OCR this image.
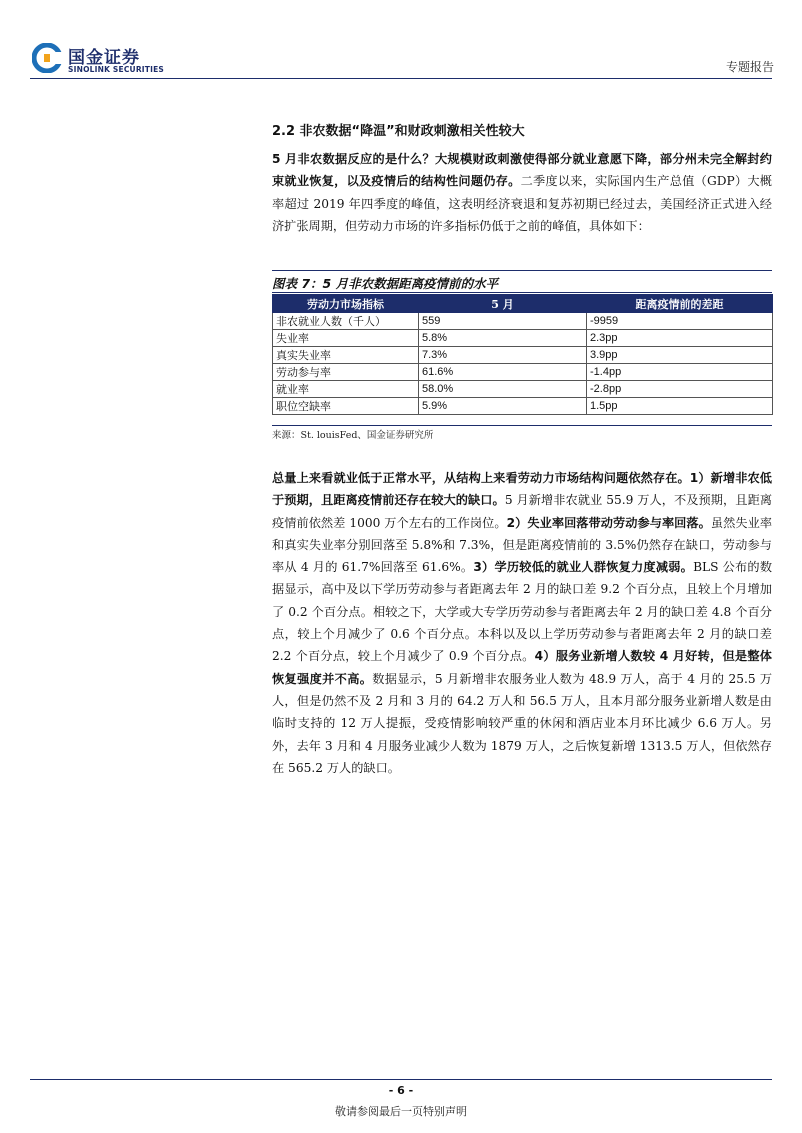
国金证券
SINOLINK SECURITIES	专题报告
2.2 非农数据“降温”和财政刺激相关性较大

5 月非农数据反应的是什么？大规模财政刺激使得部分就业意愿下降，部分州未完全解封约束就业恢复，以及疫情后的结构性问题仍存。二季度以来，实际国内生产总值（GDP）大概率超过 2019 年四季度的峰值，这表明经济衰退和复苏初期已经过去，美国经济正式进入经济扩张周期，但劳动力市场的许多指标仍低于之前的峰值，具体如下：

图表 7：5 月非农数据距离疫情前的水平
劳动力市场指标	5 月	距离疫情前的差距
非农就业人数（千人）	559	-9959
失业率	5.8%	2.3pp
真实失业率	7.3%	3.9pp
劳动参与率	61.6%	-1.4pp
就业率	58.0%	-2.8pp
职位空缺率	5.9%	1.5pp
来源：St. louisFed、国金证券研究所

总量上来看就业低于正常水平，从结构上来看劳动力市场结构问题依然存在。1）新增非农低于预期，且距离疫情前还存在较大的缺口。5 月新增非农就业 55.9 万人，不及预期，且距离疫情前依然差 1000 万个左右的工作岗位。2）失业率回落带动劳动参与率回落。虽然失业率和真实失业率分别回落至 5.8%和 7.3%，但是距离疫情前的 3.5%仍然存在缺口，劳动参与率从 4 月的 61.7%回落至 61.6%。3）学历较低的就业人群恢复力度减弱。BLS 公布的数据显示，高中及以下学历劳动参与者距离去年 2 月的缺口差 9.2 个百分点，且较上个月增加了 0.2 个百分点。相较之下，大学或大专学历劳动参与者距离去年 2 月的缺口差 4.8 个百分点，较上个月减少了 0.6 个百分点。本科以及以上学历劳动参与者距离去年 2 月的缺口差 2.2 个百分点，较上个月减少了 0.9 个百分点。4）服务业新增人数较 4 月好转，但是整体恢复强度并不高。数据显示，5 月新增非农服务业人数为 48.9 万人，高于 4 月的 25.5 万人，但是仍然不及 2 月和 3 月的 64.2 万人和 56.5 万人，且本月部分服务业新增人数是由临时支持的 12 万人提振，受疫情影响较严重的休闲和酒店业本月环比减少 6.6 万人。另外，去年 3 月和 4 月服务业减少人数为 1879 万人，之后恢复新增 1313.5 万人，但依然存在 565.2 万人的缺口。

- 6 -
敬请参阅最后一页特别声明
